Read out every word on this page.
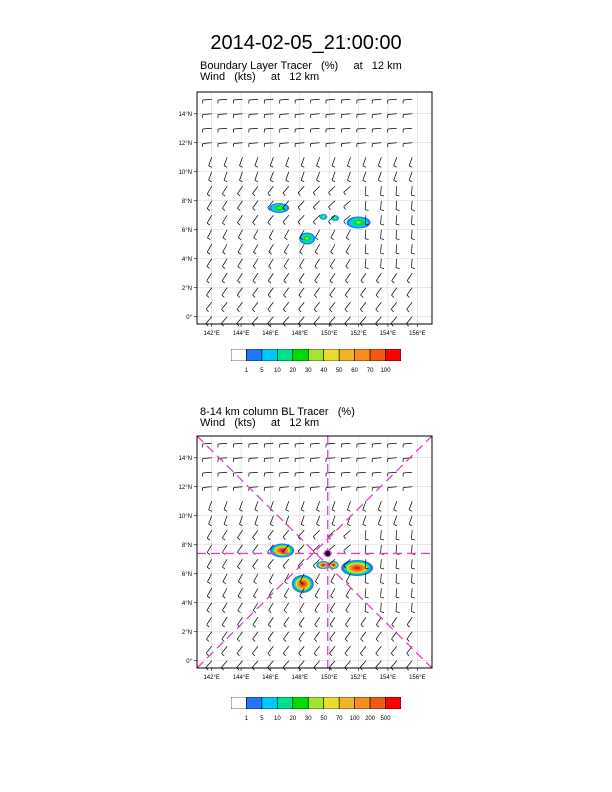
2014-02-05_21:00:00
Boundary Layer Tracer   (%)     at   12 km
Wind   (kts)     at   12 km
142°E 144°E 146°E 148°E 150°E 152°E 154°E 156°E
14°N
12°N
10°N
8°N
6°N
4°N
2°N
0°
1 5 10 20 30 40 50 60 70 100
8-14 km column BL Tracer   (%)
Wind   (kts)     at   12 km
142°E 144°E 146°E 148°E 150°E 152°E 154°E 156°E
14°N
12°N
10°N
8°N
6°N
4°N
2°N
0°
1 5 10 20 30 50 70 100 200 500
